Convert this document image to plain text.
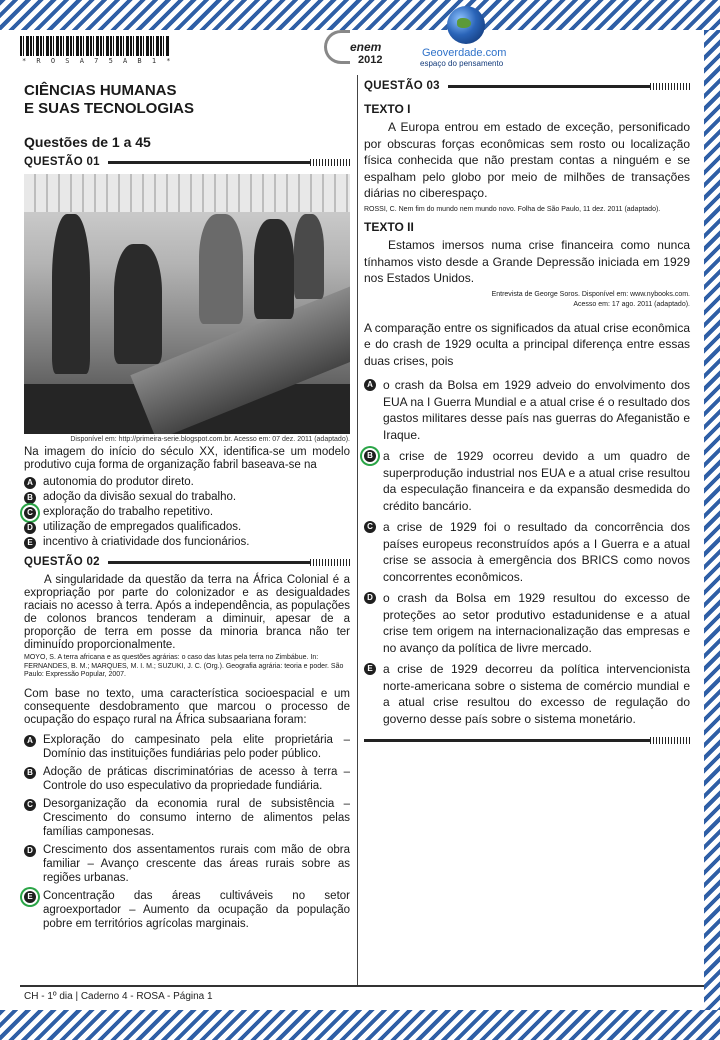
* R O S A 7 5 A B 1 *
enem
2012
Geoverdade.com
espaço do pensamento
CIÊNCIAS HUMANAS
E SUAS TECNOLOGIAS
Questões de 1 a 45
QUESTÃO 01
Disponível em: http://primeira-serie.blogspot.com.br. Acesso em: 07 dez. 2011 (adaptado).
Na imagem do início do século XX, identifica-se um modelo produtivo cuja forma de organização fabril baseava-se na
A autonomia do produtor direto.
B adoção da divisão sexual do trabalho.
C exploração do trabalho repetitivo.
D utilização de empregados qualificados.
E incentivo à criatividade dos funcionários.
QUESTÃO 02
A singularidade da questão da terra na África Colonial é a expropriação por parte do colonizador e as desigualdades raciais no acesso à terra. Após a independência, as populações de colonos brancos tenderam a diminuir, apesar de a proporção de terra em posse da minoria branca não ter diminuído proporcionalmente.
MOYO, S. A terra africana e as questões agrárias: o caso das lutas pela terra no Zimbábue. In: FERNANDES, B. M.; MARQUES, M. I. M.; SUZUKI, J. C. (Org.). Geografia agrária: teoria e poder. São Paulo: Expressão Popular, 2007.
Com base no texto, uma característica socioespacial e um consequente desdobramento que marcou o processo de ocupação do espaço rural na África subsaariana foram:
A Exploração do campesinato pela elite proprietária – Domínio das instituições fundiárias pelo poder público.
B Adoção de práticas discriminatórias de acesso à terra – Controle do uso especulativo da propriedade fundiária.
C Desorganização da economia rural de subsistência – Crescimento do consumo interno de alimentos pelas famílias camponesas.
D Crescimento dos assentamentos rurais com mão de obra familiar – Avanço crescente das áreas rurais sobre as regiões urbanas.
E Concentração das áreas cultiváveis no setor agroexportador – Aumento da ocupação da população pobre em territórios agrícolas marginais.
QUESTÃO 03
TEXTO I
A Europa entrou em estado de exceção, personificado por obscuras forças econômicas sem rosto ou localização física conhecida que não prestam contas a ninguém e se espalham pelo globo por meio de milhões de transações diárias no ciberespaço.
ROSSI, C. Nem fim do mundo nem mundo novo. Folha de São Paulo, 11 dez. 2011 (adaptado).
TEXTO II
Estamos imersos numa crise financeira como nunca tínhamos visto desde a Grande Depressão iniciada em 1929 nos Estados Unidos.
Entrevista de George Soros. Disponível em: www.nybooks.com.
Acesso em: 17 ago. 2011 (adaptado).
A comparação entre os significados da atual crise econômica e do crash de 1929 oculta a principal diferença entre essas duas crises, pois
A o crash da Bolsa em 1929 adveio do envolvimento dos EUA na I Guerra Mundial e a atual crise é o resultado dos gastos militares desse país nas guerras do Afeganistão e Iraque.
B a crise de 1929 ocorreu devido a um quadro de superprodução industrial nos EUA e a atual crise resultou da especulação financeira e da expansão desmedida do crédito bancário.
C a crise de 1929 foi o resultado da concorrência dos países europeus reconstruídos após a I Guerra e a atual crise se associa à emergência dos BRICS como novos concorrentes econômicos.
D o crash da Bolsa em 1929 resultou do excesso de proteções ao setor produtivo estadunidense e a atual crise tem origem na internacionalização das empresas e no avanço da política de livre mercado.
E a crise de 1929 decorreu da política intervencionista norte-americana sobre o sistema de comércio mundial e a atual crise resultou do excesso de regulação do governo desse país sobre o sistema monetário.
CH - 1º dia | Caderno 4 - ROSA - Página 1
